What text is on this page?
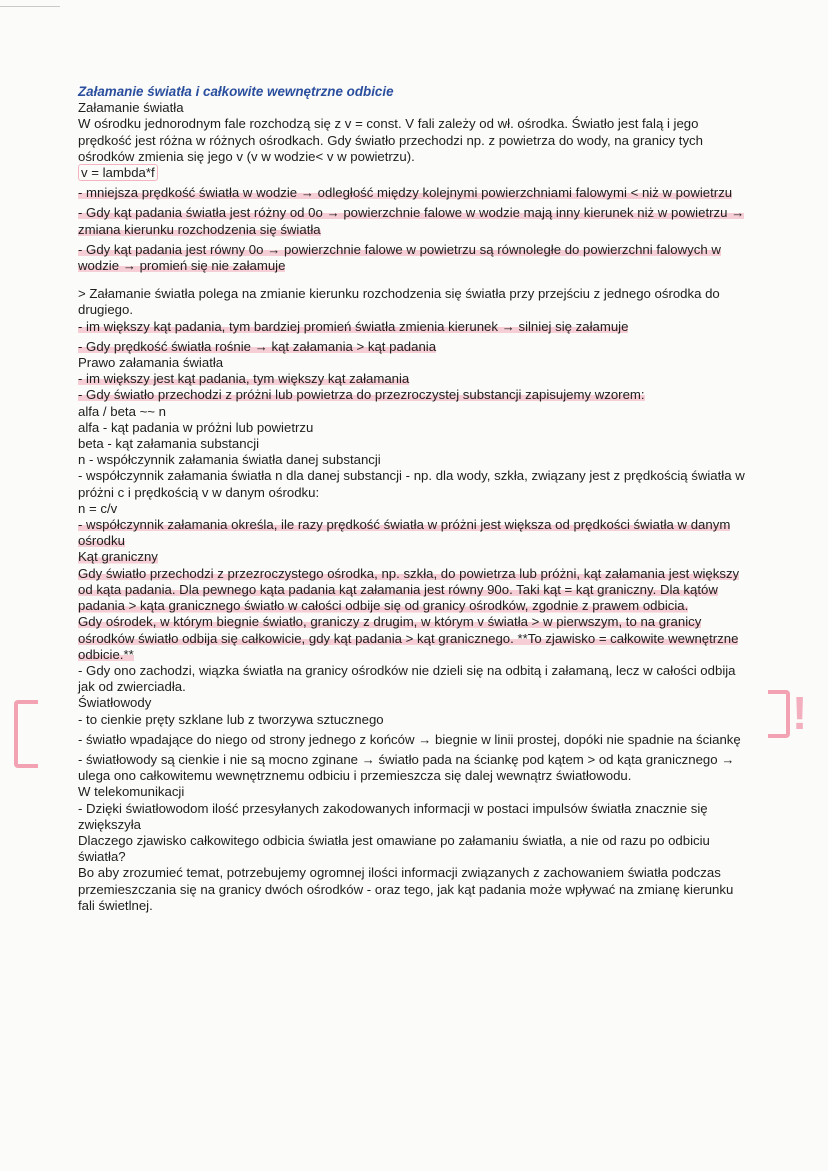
!

Załamanie światła i całkowite wewnętrzne odbicie

Załamanie światła

W ośrodku jednorodnym fale rozchodzą się z v = const. V fali zależy od wł. ośrodka. Światło jest falą i jego prędkość jest różna w różnych ośrodkach. Gdy światło przechodzi np. z powietrza do wody, na granicy tych ośrodków zmienia się jego v (v w wodzie< v w powietrzu).

v = lambda*f

- mniejsza prędkość światła w wodzie → odległość między kolejnymi powierzchniami falowymi < niż w powietrzu

- Gdy kąt padania światła jest różny od 0o → powierzchnie falowe w wodzie mają inny kierunek niż w powietrzu → zmiana kierunku rozchodzenia się światła

- Gdy kąt padania jest równy 0o → powierzchnie falowe w powietrzu są równoległe do powierzchni falowych w wodzie → promień się nie załamuje

> Załamanie światła polega na zmianie kierunku rozchodzenia się światła przy przejściu z jednego ośrodka do drugiego.

- im większy kąt padania, tym bardziej promień światła zmienia kierunek → silniej się załamuje

- Gdy prędkość światła rośnie → kąt załamania > kąt padania

Prawo załamania światła

- im większy jest kąt padania, tym większy kąt załamania

- Gdy światło przechodzi z próżni lub powietrza do przezroczystej substancji zapisujemy wzorem:

alfa / beta ~~ n

alfa - kąt padania w próżni lub powietrzu

beta - kąt załamania substancji

n - współczynnik załamania światła danej substancji

- współczynnik załamania światła n dla danej substancji - np. dla wody, szkła, związany jest z prędkością światła w próżni c i prędkością v w danym ośrodku:

n = c/v

- współczynnik załamania określa, ile razy prędkość światła w próżni jest większa od prędkości światła w danym ośrodku

Kąt graniczny

Gdy światło przechodzi z przezroczystego ośrodka, np. szkła, do powietrza lub próżni, kąt załamania jest większy od kąta padania. Dla pewnego kąta padania kąt załamania jest równy 90o. Taki kąt = kąt graniczny. Dla kątów padania > kąta granicznego światło w całości odbije się od granicy ośrodków, zgodnie z prawem odbicia.

Gdy ośrodek, w którym biegnie światło, graniczy z drugim, w którym v światła > w pierwszym, to na granicy ośrodków światło odbija się całkowicie, gdy kąt padania > kąt granicznego. **To zjawisko = całkowite wewnętrzne odbicie.**

- Gdy ono zachodzi, wiązka światła na granicy ośrodków nie dzieli się na odbitą i załamaną, lecz w całości odbija jak od zwierciadła.

Światłowody

- to cienkie pręty szklane lub z tworzywa sztucznego

- światło wpadające do niego od strony jednego z końców → biegnie w linii prostej, dopóki nie spadnie na ściankę

- światłowody są cienkie i nie są mocno zginane → światło pada na ściankę pod kątem > od kąta granicznego → ulega ono całkowitemu wewnętrznemu odbiciu i przemieszcza się dalej wewnątrz światłowodu.

W telekomunikacji

- Dzięki światłowodom ilość przesyłanych zakodowanych informacji w postaci impulsów światła znacznie się zwiększyła

Dlaczego zjawisko całkowitego odbicia światła jest omawiane po załamaniu światła, a nie od razu po odbiciu światła?

Bo aby zrozumieć temat, potrzebujemy ogromnej ilości informacji związanych z zachowaniem światła podczas przemieszczania się na granicy dwóch ośrodków - oraz tego, jak kąt padania może wpływać na zmianę kierunku fali świetlnej.
